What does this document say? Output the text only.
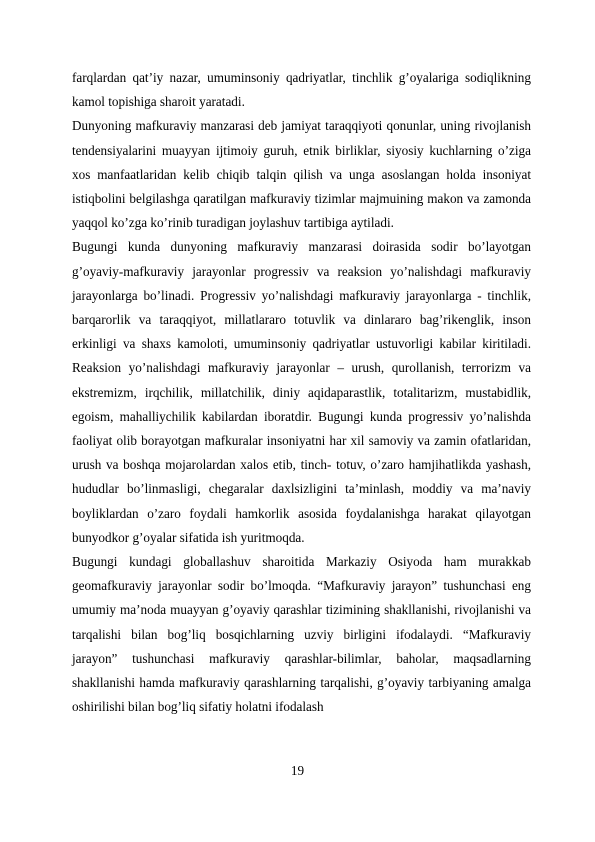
farqlardan qat’iy nazar, umuminsoniy qadriyatlar, tinchlik g’oyalariga sodiqlikning kamol topishiga sharoit yaratadi.

Dunyoning mafkuraviy manzarasi deb jamiyat taraqqiyoti qonunlar, uning rivojlanish tendensiyalarini muayyan ijtimoiy guruh, etnik birliklar, siyosiy kuchlarning o’ziga xos manfaatlaridan kelib chiqib talqin qilish va unga asoslangan holda insoniyat istiqbolini belgilashga qaratilgan mafkuraviy tizimlar majmuining makon va zamonda yaqqol ko’zga ko’rinib turadigan joylashuv tartibiga aytiladi.

Bugungi kunda dunyoning mafkuraviy manzarasi doirasida sodir bo’layotgan g’oyaviy-mafkuraviy jarayonlar progressiv va reaksion yo’nalishdagi mafkuraviy jarayonlarga bo’linadi. Progressiv yo’nalishdagi mafkuraviy jarayonlarga - tinchlik, barqarorlik va taraqqiyot, millatlararo totuvlik va dinlararo bag’rikenglik, inson erkinligi va shaxs kamoloti, umuminsoniy qadriyatlar ustuvorligi kabilar kiritiladi. Reaksion yo’nalishdagi mafkuraviy jarayonlar – urush, qurollanish, terrorizm va ekstremizm, irqchilik, millatchilik, diniy aqidaparastlik, totalitarizm, mustabidlik, egoism, mahalliychilik kabilardan iboratdir. Bugungi kunda progressiv yo’nalishda faoliyat olib borayotgan mafkuralar insoniyatni har xil samoviy va zamin ofatlaridan, urush va boshqa mojarolardan xalos etib, tinch- totuv, o’zaro hamjihatlikda yashash, hududlar bo’linmasligi, chegaralar daxlsizligini ta’minlash, moddiy va ma’naviy boyliklardan o’zaro foydali hamkorlik asosida foydalanishga harakat qilayotgan bunyodkor g’oyalar sifatida ish yuritmoqda.

Bugungi kundagi globallashuv sharoitida Markaziy Osiyoda ham murakkab geomafkuraviy jarayonlar sodir bo’lmoqda. “Mafkuraviy jarayon” tushunchasi eng umumiy ma’noda muayyan g’oyaviy qarashlar tizimining shakllanishi, rivojlanishi va tarqalishi bilan bog’liq bosqichlarning uzviy birligini ifodalaydi. “Mafkuraviy jarayon” tushunchasi mafkuraviy qarashlar-bilimlar, baholar, maqsadlarning shakllanishi hamda mafkuraviy qarashlarning tarqalishi, g’oyaviy tarbiyaning amalga oshirilishi bilan bog’liq sifatiy holatni ifodalash

19
